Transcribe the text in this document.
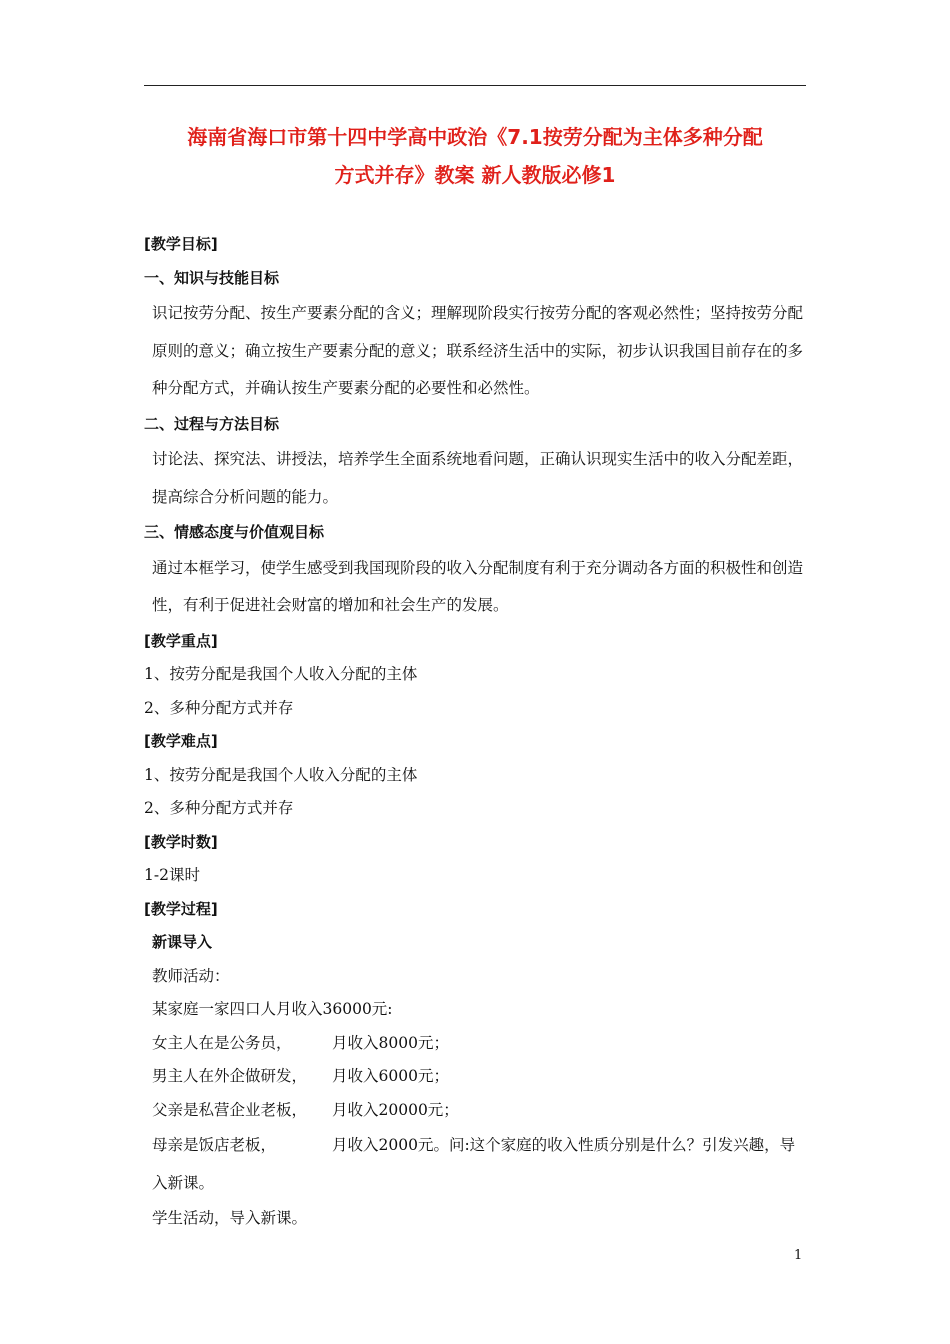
海南省海口市第十四中学高中政治《7.1按劳分配为主体多种分配
方式并存》教案 新人教版必修1
[教学目标]
一、知识与技能目标
识记按劳分配、按生产要素分配的含义；理解现阶段实行按劳分配的客观必然性；坚持按劳分配原则的意义；确立按生产要素分配的意义；联系经济生活中的实际，初步认识我国目前存在的多种分配方式，并确认按生产要素分配的必要性和必然性。
二、过程与方法目标
讨论法、探究法、讲授法，培养学生全面系统地看问题，正确认识现实生活中的收入分配差距，提高综合分析问题的能力。
三、情感态度与价值观目标
通过本框学习，使学生感受到我国现阶段的收入分配制度有利于充分调动各方面的积极性和创造性，有利于促进社会财富的增加和社会生产的发展。
[教学重点]
1、按劳分配是我国个人收入分配的主体
2、多种分配方式并存
[教学难点]
1、按劳分配是我国个人收入分配的主体
2、多种分配方式并存
[教学时数]
1-2课时
[教学过程]
新课导入
教师活动：
某家庭一家四口人月收入36000元:
女主人在是公务员，	月收入8000元；
男主人在外企做研发， 月收入6000元；
父亲是私营企业老板， 月收入20000元；
母亲是饭店老板，	月收入2000元。问:这个家庭的收入性质分别是什么？引发兴趣，导入新课。
学生活动，导入新课。
1
